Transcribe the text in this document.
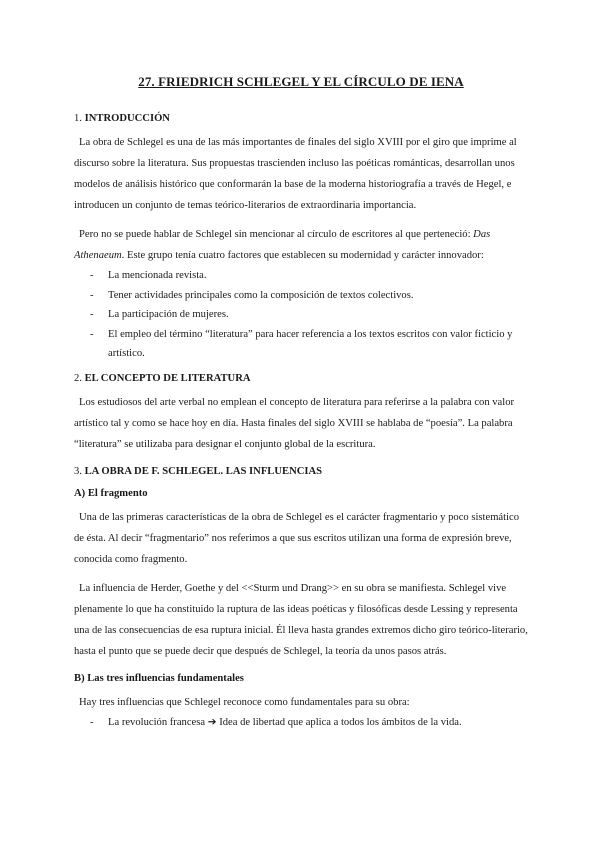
27. FRIEDRICH SCHLEGEL Y EL CÍRCULO DE IENA
1. INTRODUCCIÓN
La obra de Schlegel es una de las más importantes de finales del siglo XVIII por el giro que imprime al discurso sobre la literatura. Sus propuestas trascienden incluso las poéticas románticas, desarrollan unos modelos de análisis histórico que conformarán la base de la moderna historiografía a través de Hegel, e introducen un conjunto de temas teórico-literarios de extraordinaria importancia.
Pero no se puede hablar de Schlegel sin mencionar al círculo de escritores al que perteneció: Das Athenaeum. Este grupo tenía cuatro factores que establecen su modernidad y carácter innovador:
- La mencionada revista.
- Tener actividades principales como la composición de textos colectivos.
- La participación de mujeres.
- El empleo del término “literatura” para hacer referencia a los textos escritos con valor ficticio y artístico.
2. EL CONCEPTO DE LITERATURA
Los estudiosos del arte verbal no emplean el concepto de literatura para referirse a la palabra con valor artístico tal y como se hace hoy en día. Hasta finales del siglo XVIII se hablaba de “poesía”. La palabra “literatura” se utilizaba para designar el conjunto global de la escritura.
3. LA OBRA DE F. SCHLEGEL. LAS INFLUENCIAS
A) El fragmento
Una de las primeras características de la obra de Schlegel es el carácter fragmentario y poco sistemático de ésta. Al decir “fragmentario” nos referimos a que sus escritos utilizan una forma de expresión breve, conocida como fragmento.
La influencia de Herder, Goethe y del <<Sturm und Drang>> en su obra se manifiesta. Schlegel vive plenamente lo que ha constituido la ruptura de las ideas poéticas y filosóficas desde Lessing y representa una de las consecuencias de esa ruptura inicial. Él lleva hasta grandes extremos dicho giro teórico-literario, hasta el punto que se puede decir que después de Schlegel, la teoría da unos pasos atrás.
B) Las tres influencias fundamentales
Hay tres influencias que Schlegel reconoce como fundamentales para su obra:
- La revolución francesa ➔ Idea de libertad que aplica a todos los ámbitos de la vida.
